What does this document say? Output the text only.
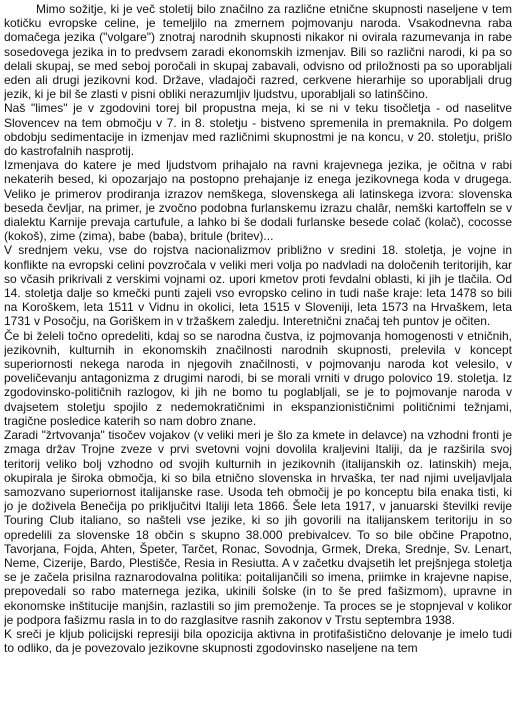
Mimo sožitje, ki je več stoletij bilo značilno za različne etnične skupnosti naseljene v tem kotičku evropske celine, je temeljilo na zmernem pojmovanju naroda. Vsakodnevna raba domačega jezika ("volgare") znotraj narodnih skupnosti nikakor ni ovirala razumevanja in rabe sosedovega jezika in to predvsem zaradi ekonomskih izmenjav. Bili so različni narodi, ki pa so delali skupaj, se med seboj poročali in skupaj zabavali, odvisno od priložnosti pa so uporabljali eden ali drugi jezikovni kod. Države, vladajoči razred, cerkvene hierarhije so uporabljali drug jezik, ki je bil še zlasti v pisni obliki nerazumljiv ljudstvu, uporabljali so latinščino.

Naš "limes" je v zgodovini torej bil propustna meja, ki se ni v teku tisočletja - od naselitve Slovencev na tem območju v 7. in 8. stoletju - bistveno spremenila in premaknila. Po dolgem obdobju sedimentacije in izmenjav med različnimi skupnostmi je na koncu, v 20. stoletju, prišlo do kastrofalnih nasprotij.

Izmenjava do katere je med ljudstvom prihajalo na ravni krajevnega jezika, je očitna v rabi nekaterih besed, ki opozarjajo na postopno prehajanje iz enega jezikovnega koda v drugega. Veliko je primerov prodiranja izrazov nemškega, slovenskega ali latinskega izvora: slovenska beseda čevljar, na primer, je zvočno podobna furlanskemu izrazu chalâr, nemški kartoffeln se v dialektu Karnije prevaja cartufule, a lahko bi še dodali furlanske besede colač (kolač), cocosse (kokoš), zime (zima), babe (baba), britule (britev)...

V srednjem veku, vse do rojstva nacionalizmov približno v sredini 18. stoletja, je vojne in konflikte na evropski celini povzročala v veliki meri volja po nadvladi na določenih teritorijih, kar so včasih prikrivali z verskimi vojnami oz. upori kmetov proti fevdalni oblasti, ki jih je tlačila. Od 14. stoletja dalje so kmečki punti zajeli vso evropsko celino in tudi naše kraje: leta 1478 so bili na Koroškem, leta 1511 v Vidnu in okolici, leta 1515 v Sloveniji, leta 1573 na Hrvaškem, leta 1731 v Posočju, na Goriškem in v tržaškem zaledju. Interetnični značaj teh puntov je očiten.

Če bi želeli točno opredeliti, kdaj so se narodna čustva, iz pojmovanja homogenosti v etničnih, jezikovnih, kulturnih in ekonomskih značilnosti narodnih skupnosti, prelevila v koncept superiornosti nekega naroda in njegovih značilnosti, v pojmovanju naroda kot velesilo, v poveličevanju antagonizma z drugimi narodi, bi se morali vrniti v drugo polovico 19. stoletja. Iz zgodovinsko-političnih razlogov, ki jih ne bomo tu poglabljali, se je to pojmovanje naroda v dvajsetem stoletju spojilo z nedemokratičnimi in ekspanzionističnimi političnimi težnjami, tragične posledice katerih so nam dobro znane.

Zaradi "žrtvovanja" tisočev vojakov (v veliki meri je šlo za kmete in delavce) na vzhodni fronti je zmaga držav Trojne zveze v prvi svetovni vojni dovolila kraljevini Italiji, da je razširila svoj teritorij veliko bolj vzhodno od svojih kulturnih in jezikovnih (italijanskih oz. latinskih) meja, okupirala je široka območja, ki so bila etnično slovenska in hrvaška, ter nad njimi uveljavljala samozvano superiornost italijanske rase. Usoda teh območij je po konceptu bila enaka tisti, ki jo je doživela Benečija po priključitvi Italiji leta 1866. Šele leta 1917, v januarski številki revije Touring Club italiano, so našteli vse jezike, ki so jih govorili na italijanskem teritoriju in so opredelili za slovenske 18 občin s skupno 38.000 prebivalcev. To so bile občine Prapotno, Tavorjana, Fojda, Ahten, Špeter, Tarčet, Ronac, Sovodnja, Grmek, Dreka, Srednje, Sv. Lenart, Neme, Cizerije, Bardo, Plestišče, Resia in Resiutta. A v začetku dvajsetih let prejšnjega stoletja se je začela prisilna raznarodovalna politika: poitalijančili so imena, priimke in krajevne napise, prepovedali so rabo maternega jezika, ukinili šolske (in to še pred fašizmom), upravne in ekonomske inštitucije manjšin, razlastili so jim premoženje. Ta proces se je stopnjeval v kolikor je podpora fašizmu rasla in to do razglasitve rasnih zakonov v Trstu septembra 1938.

K sreči je kljub policijski represiji bila opozicija aktivna in protifašistično delovanje je imelo tudi to odliko, da je povezovalo jezikovne skupnosti zgodovinsko naseljene na tem
